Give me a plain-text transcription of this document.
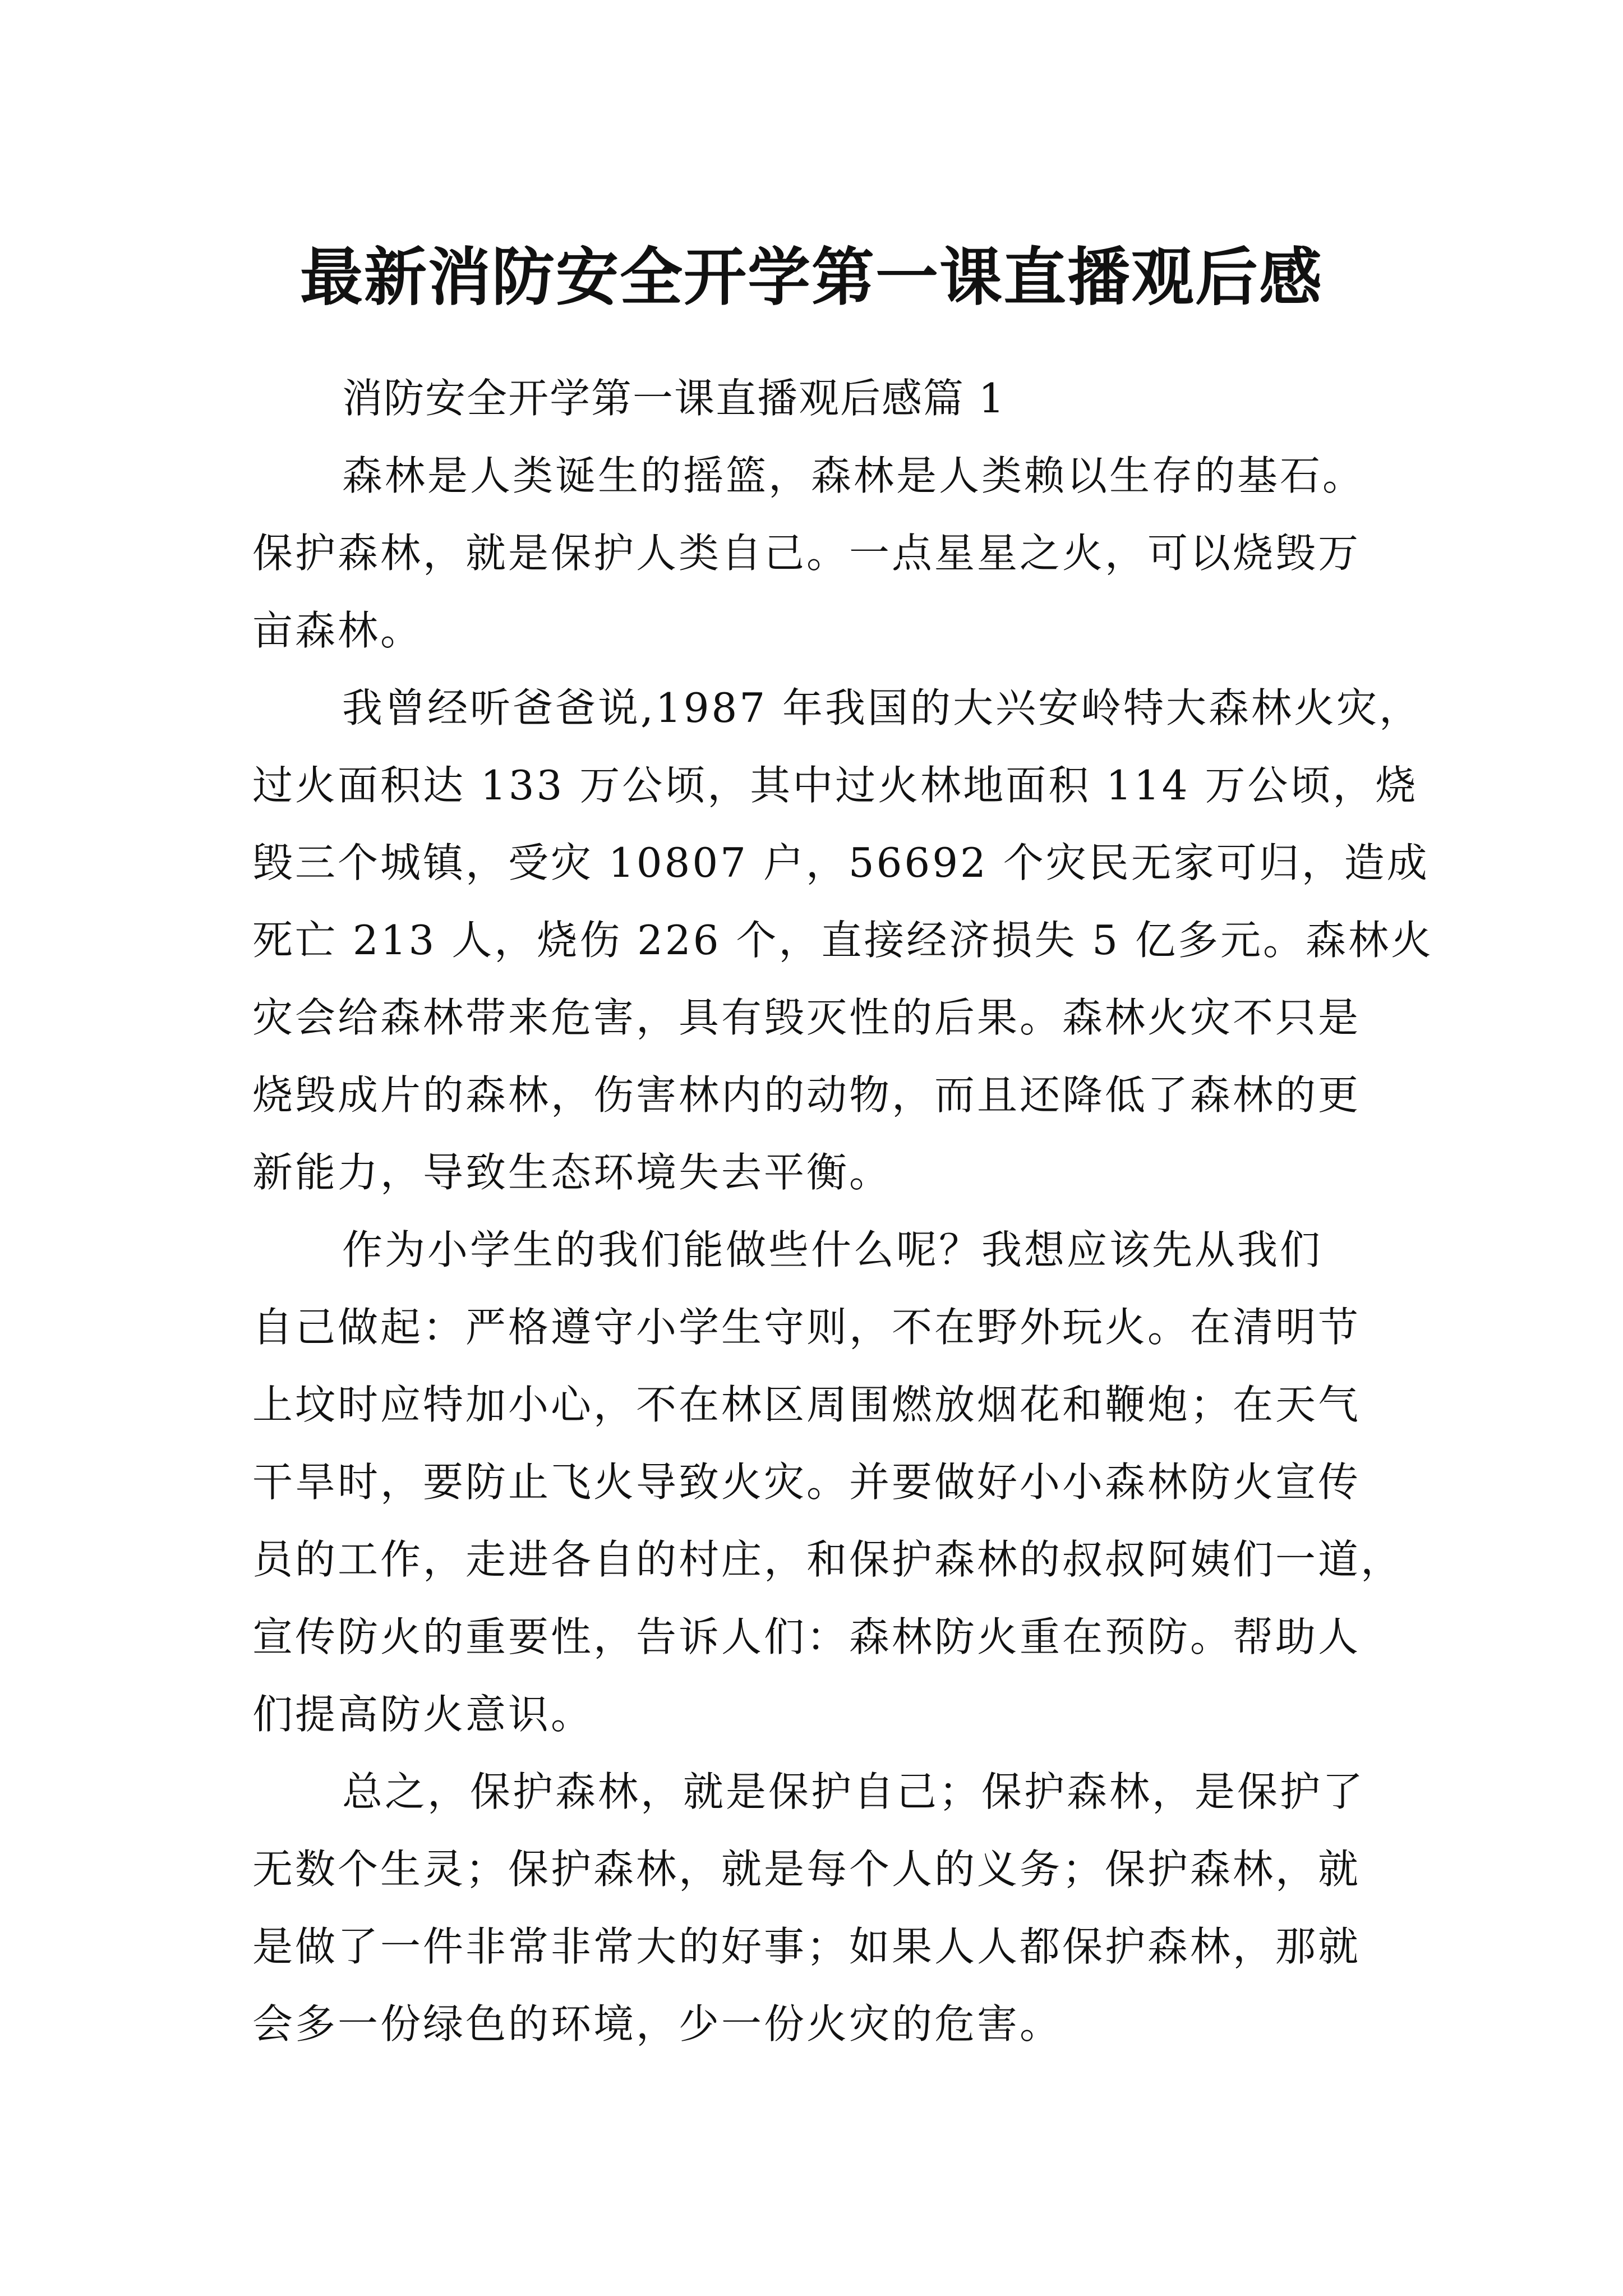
最新消防安全开学第一课直播观后感

消防安全开学第一课直播观后感篇 1

森林是人类诞生的摇篮，森林是人类赖以生存的基石。
保护森林，就是保护人类自己。一点星星之火，可以烧毁万
亩森林。
我曾经听爸爸说,1987 年我国的大兴安岭特大森林火灾，
过火面积达 133 万公顷，其中过火林地面积 114 万公顷，烧
毁三个城镇，受灾 10807 户，56692 个灾民无家可归，造成
死亡 213 人，烧伤 226 个，直接经济损失 5 亿多元。森林火
灾会给森林带来危害，具有毁灭性的后果。森林火灾不只是
烧毁成片的森林，伤害林内的动物，而且还降低了森林的更
新能力，导致生态环境失去平衡。
作为小学生的我们能做些什么呢？我想应该先从我们
自己做起：严格遵守小学生守则，不在野外玩火。在清明节
上坟时应特加小心，不在林区周围燃放烟花和鞭炮；在天气
干旱时，要防止飞火导致火灾。并要做好小小森林防火宣传
员的工作，走进各自的村庄，和保护森林的叔叔阿姨们一道，
宣传防火的重要性，告诉人们：森林防火重在预防。帮助人
们提高防火意识。
总之，保护森林，就是保护自己；保护森林，是保护了
无数个生灵；保护森林，就是每个人的义务；保护森林，就
是做了一件非常非常大的好事；如果人人都保护森林，那就
会多一份绿色的环境，少一份火灾的危害。
